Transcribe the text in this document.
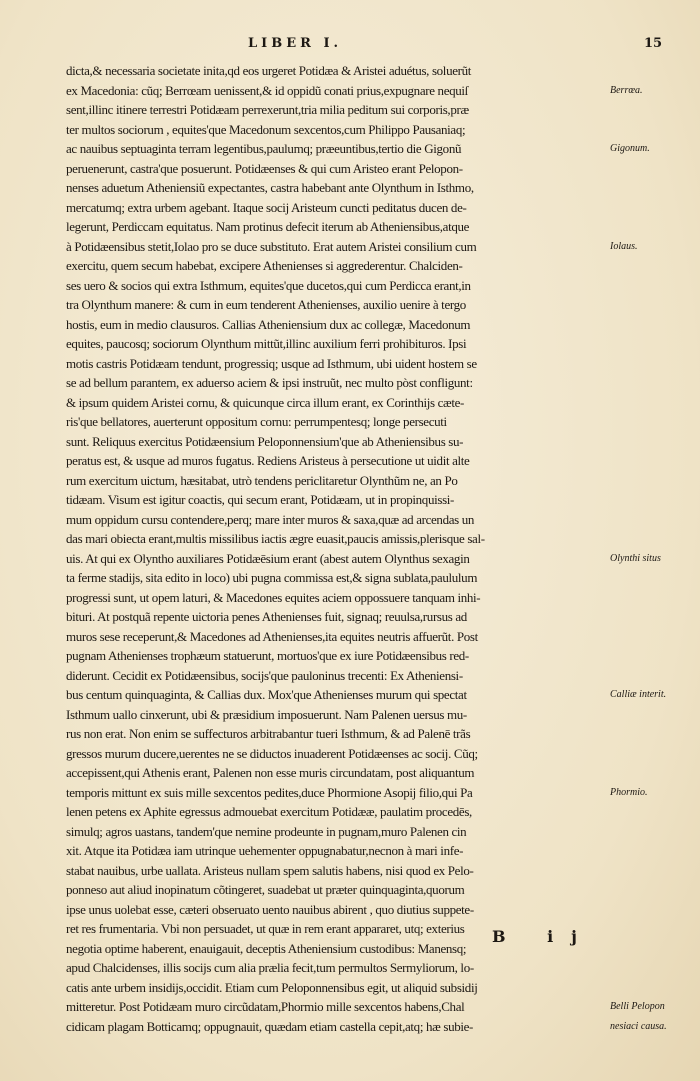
LIBER I.	15
dicta,& necessaria societate inita,qd eos urgeret Potidæa & Aristei aduétus, soluerũt
ex Macedonia: cũq; Berrœam uenissent,& id oppidũ conati prius,expugnare nequiſ
sent,illinc itinere terrestri Potidæam perrexerunt,tria milia peditum sui corporis,præ
ter multos sociorum , equites'que Macedonum sexcentos,cum Philippo Pausaniaq;
ac nauibus septuaginta terram legentibus,paulumq; præeuntibus,tertio die Gigonũ
peruenerunt, castra'que posuerunt. Potidæenses & qui cum Aristeo erant Pelopon-
nenses aduetum Atheniensiũ expectantes, castra habebant ante Olynthum in Isthmo,
mercatumq; extra urbem agebant. Itaque socij Aristeum cuncti peditatus ducen de-
legerunt, Perdiccam equitatus. Nam protinus defecit iterum ab Atheniensibus,atque
à Potidæensibus stetit,Iolao pro se duce substituto. Erat autem Aristei consilium cum
exercitu, quem secum habebat, excipere Athenienses si aggrederentur. Chalciden-
ses uero & socios qui extra Isthmum, equites'que ducetos,qui cum Perdicca erant,in
tra Olynthum manere: & cum in eum tenderent Athenienses, auxilio uenire à tergo
hostis, eum in medio clausuros. Callias Atheniensium dux ac collegæ, Macedonum
equites, paucosq; sociorum Olynthum mittũt,illinc auxilium ferri prohibituros. Ipsi
motis castris Potidæam tendunt, progressiq; usque ad Isthmum, ubi uident hostem se
se ad bellum parantem, ex aduerso aciem & ipsi instruũt, nec multo pòst confligunt:
& ipsum quidem Aristei cornu, & quicunque circa illum erant, ex Corinthijs cæte-
ris'que bellatores, auerterunt oppositum cornu: perrumpentesq; longe persecuti
sunt. Reliquus exercitus Potidæensium Peloponnensium'que ab Atheniensibus su-
peratus est, & usque ad muros fugatus. Rediens Aristeus à persecutione ut uidit alte
rum exercitum uictum, hæsitabat, utrò tendens periclitaretur Olynthũm ne, an Po
tidæam. Visum est igitur coactis, qui secum erant, Potidæam, ut in propinquissi-
mum oppidum cursu contendere,perq; mare inter muros & saxa,quæ ad arcendas un
das mari obiecta erant,multis missilibus iactis ægre euasit,paucis amissis,plerisque sal-
uis. At qui ex Olyntho auxiliares Potidæēsium erant (abest autem Olynthus sexagin
ta ferme stadijs, sita edito in loco) ubi pugna commissa est,& signa sublata,paululum
progressi sunt, ut opem laturi, & Macedones equites aciem oppossuere tanquam inhi-
bituri. At postquã repente uictoria penes Athenienses fuit, signaq; reuulsa,rursus ad
muros sese receperunt,& Macedones ad Athenienses,ita equites neutris affuerũt. Post
pugnam Athenienses trophæum statuerunt, mortuos'que ex iure Potidæensibus red-
diderunt. Cecidit ex Potidæensibus, socijs'que pauloninus trecenti: Ex Atheniensi-
bus centum quinquaginta, & Callias dux. Mox'que Athenienses murum qui spectat
Isthmum uallo cinxerunt, ubi & præsidium imposuerunt. Nam Palenen uersus mu-
rus non erat. Non enim se suffecturos arbitrabantur tueri Isthmum, & ad Palenē trãs
gressos murum ducere,uerentes ne se diductos inuaderent Potidæenses ac socij. Cũq;
accepissent,qui Athenis erant, Palenen non esse muris circundatam, post aliquantum
temporis mittunt ex suis mille sexcentos pedites,duce Phormione Asopij filio,qui Pa
lenen petens ex Aphite egressus admouebat exercitum Potidææ, paulatim procedēs,
simulq; agros uastans, tandem'que nemine prodeunte in pugnam,muro Palenen cin
xit. Atque ita Potidæa iam utrinque uehementer oppugnabatur,necnon à mari infe-
stabat nauibus, urbe uallata. Aristeus nullam spem salutis habens, nisi quod ex Pelo-
ponneso aut aliud inopinatum cõtingeret, suadebat ut præter quinquaginta,quorum
ipse unus uolebat esse, cæteri obseruato uento nauibus abirent , quo diutius suppete-
ret res frumentaria. Vbi non persuadet, ut quæ in rem erant appararet, utq; exterius
negotia optime haberent, enauigauit, deceptis Atheniensium custodibus: Manensq;
apud Chalcidenses, illis socijs cum alia prælia fecit,tum permultos Sermyliorum, lo-
catis ante urbem insidijs,occidit. Etiam cum Peloponnensibus egit, ut aliquid subsidij
mitteretur. Post Potidæam muro circũdatam,Phormio mille sexcentos habens,Chal
cidicam plagam Botticamq; oppugnauit, quædam etiam castella cepit,atq; hæ subie-
Berrœa.
Gigonum.
Iolaus.
Olynthi situs
Calliæ interit.
Phormio.
Belli Pelopon
nesiaci causa.
B ij
